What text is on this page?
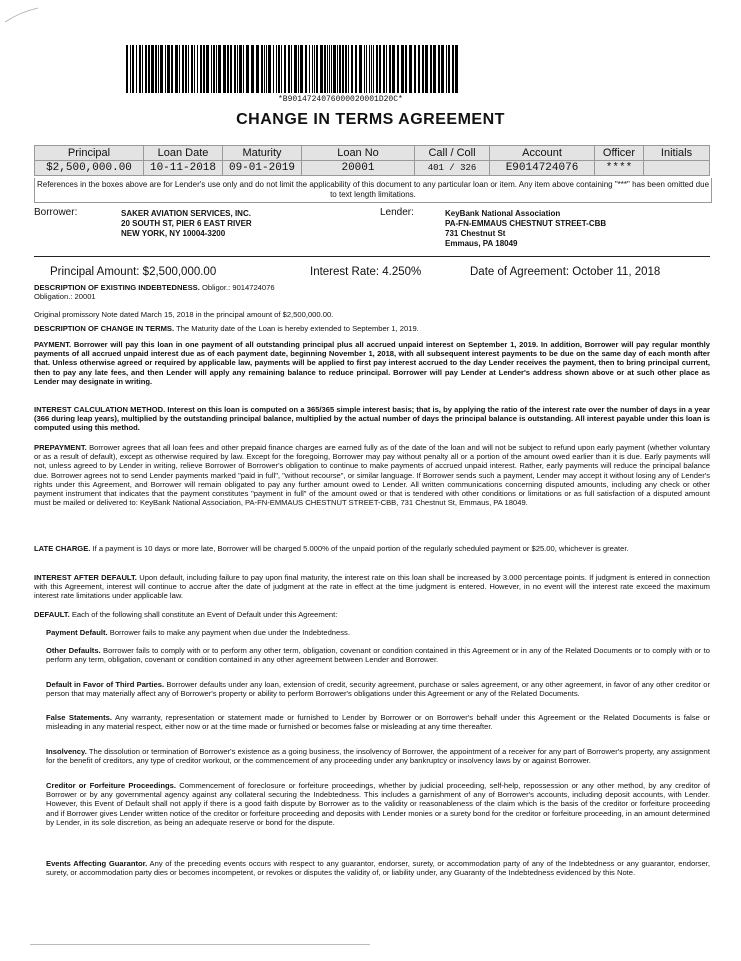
*B9014724076000020001D20C*
CHANGE IN TERMS AGREEMENT
Principal	Loan Date	Maturity	Loan No	Call / Coll	Account	Officer	Initials
$2,500,000.00	10-11-2018	09-01-2019	20001	401 / 326	E9014724076	****	
References in the boxes above are for Lender's use only and do not limit the applicability of this document to any particular loan or item. Any item above containing "***" has been omitted due to text length limitations.
Borrower:	SAKER AVIATION SERVICES, INC.
20 SOUTH ST, PIER 6 EAST RIVER
NEW YORK, NY 10004-3200
Lender:	KeyBank National Association
PA-FN-EMMAUS CHESTNUT STREET-CBB
731 Chestnut St
Emmaus, PA 18049
Principal Amount: $2,500,000.00	Interest Rate: 4.250%	Date of Agreement: October 11, 2018
DESCRIPTION OF EXISTING INDEBTEDNESS. Obligor.: 9014724076
Obligation.: 20001
Original promissory Note dated March 15, 2018 in the principal amount of $2,500,000.00.
DESCRIPTION OF CHANGE IN TERMS. The Maturity date of the Loan is hereby extended to September 1, 2019.
PAYMENT. Borrower will pay this loan in one payment of all outstanding principal plus all accrued unpaid interest on September 1, 2019. In addition, Borrower will pay regular monthly payments of all accrued unpaid interest due as of each payment date, beginning November 1, 2018, with all subsequent interest payments to be due on the same day of each month after that. Unless otherwise agreed or required by applicable law, payments will be applied to first pay interest accrued to the day Lender receives the payment, then to bring principal current, then to pay any late fees, and then Lender will apply any remaining balance to reduce principal. Borrower will pay Lender at Lender's address shown above or at such other place as Lender may designate in writing.
INTEREST CALCULATION METHOD. Interest on this loan is computed on a 365/365 simple interest basis; that is, by applying the ratio of the interest rate over the number of days in a year (366 during leap years), multiplied by the outstanding principal balance, multiplied by the actual number of days the principal balance is outstanding. All interest payable under this loan is computed using this method.
PREPAYMENT. Borrower agrees that all loan fees and other prepaid finance charges are earned fully as of the date of the loan and will not be subject to refund upon early payment (whether voluntary or as a result of default), except as otherwise required by law. Except for the foregoing, Borrower may pay without penalty all or a portion of the amount owed earlier than it is due. Early payments will not, unless agreed to by Lender in writing, relieve Borrower of Borrower's obligation to continue to make payments of accrued unpaid interest. Rather, early payments will reduce the principal balance due. Borrower agrees not to send Lender payments marked "paid in full", "without recourse", or similar language. If Borrower sends such a payment, Lender may accept it without losing any of Lender's rights under this Agreement, and Borrower will remain obligated to pay any further amount owed to Lender. All written communications concerning disputed amounts, including any check or other payment instrument that indicates that the payment constitutes "payment in full" of the amount owed or that is tendered with other conditions or limitations or as full satisfaction of a disputed amount must be mailed or delivered to: KeyBank National Association, PA-FN-EMMAUS CHESTNUT STREET-CBB, 731 Chestnut St, Emmaus, PA 18049.
LATE CHARGE. If a payment is 10 days or more late, Borrower will be charged 5.000% of the unpaid portion of the regularly scheduled payment or $25.00, whichever is greater.
INTEREST AFTER DEFAULT. Upon default, including failure to pay upon final maturity, the interest rate on this loan shall be increased by 3.000 percentage points. If judgment is entered in connection with this Agreement, interest will continue to accrue after the date of judgment at the rate in effect at the time judgment is entered. However, in no event will the interest rate exceed the maximum interest rate limitations under applicable law.
DEFAULT. Each of the following shall constitute an Event of Default under this Agreement:
Payment Default. Borrower fails to make any payment when due under the Indebtedness.
Other Defaults. Borrower fails to comply with or to perform any other term, obligation, covenant or condition contained in this Agreement or in any of the Related Documents or to comply with or to perform any term, obligation, covenant or condition contained in any other agreement between Lender and Borrower.
Default in Favor of Third Parties. Borrower defaults under any loan, extension of credit, security agreement, purchase or sales agreement, or any other agreement, in favor of any other creditor or person that may materially affect any of Borrower's property or ability to perform Borrower's obligations under this Agreement or any of the Related Documents.
False Statements. Any warranty, representation or statement made or furnished to Lender by Borrower or on Borrower's behalf under this Agreement or the Related Documents is false or misleading in any material respect, either now or at the time made or furnished or becomes false or misleading at any time thereafter.
Insolvency. The dissolution or termination of Borrower's existence as a going business, the insolvency of Borrower, the appointment of a receiver for any part of Borrower's property, any assignment for the benefit of creditors, any type of creditor workout, or the commencement of any proceeding under any bankruptcy or insolvency laws by or against Borrower.
Creditor or Forfeiture Proceedings. Commencement of foreclosure or forfeiture proceedings, whether by judicial proceeding, self-help, repossession or any other method, by any creditor of Borrower or by any governmental agency against any collateral securing the Indebtedness. This includes a garnishment of any of Borrower's accounts, including deposit accounts, with Lender. However, this Event of Default shall not apply if there is a good faith dispute by Borrower as to the validity or reasonableness of the claim which is the basis of the creditor or forfeiture proceeding and if Borrower gives Lender written notice of the creditor or forfeiture proceeding and deposits with Lender monies or a surety bond for the creditor or forfeiture proceeding, in an amount determined by Lender, in its sole discretion, as being an adequate reserve or bond for the dispute.
Events Affecting Guarantor. Any of the preceding events occurs with respect to any guarantor, endorser, surety, or accommodation party of any of the Indebtedness or any guarantor, endorser, surety, or accommodation party dies or becomes incompetent, or revokes or disputes the validity of, or liability under, any Guaranty of the Indebtedness evidenced by this Note.
